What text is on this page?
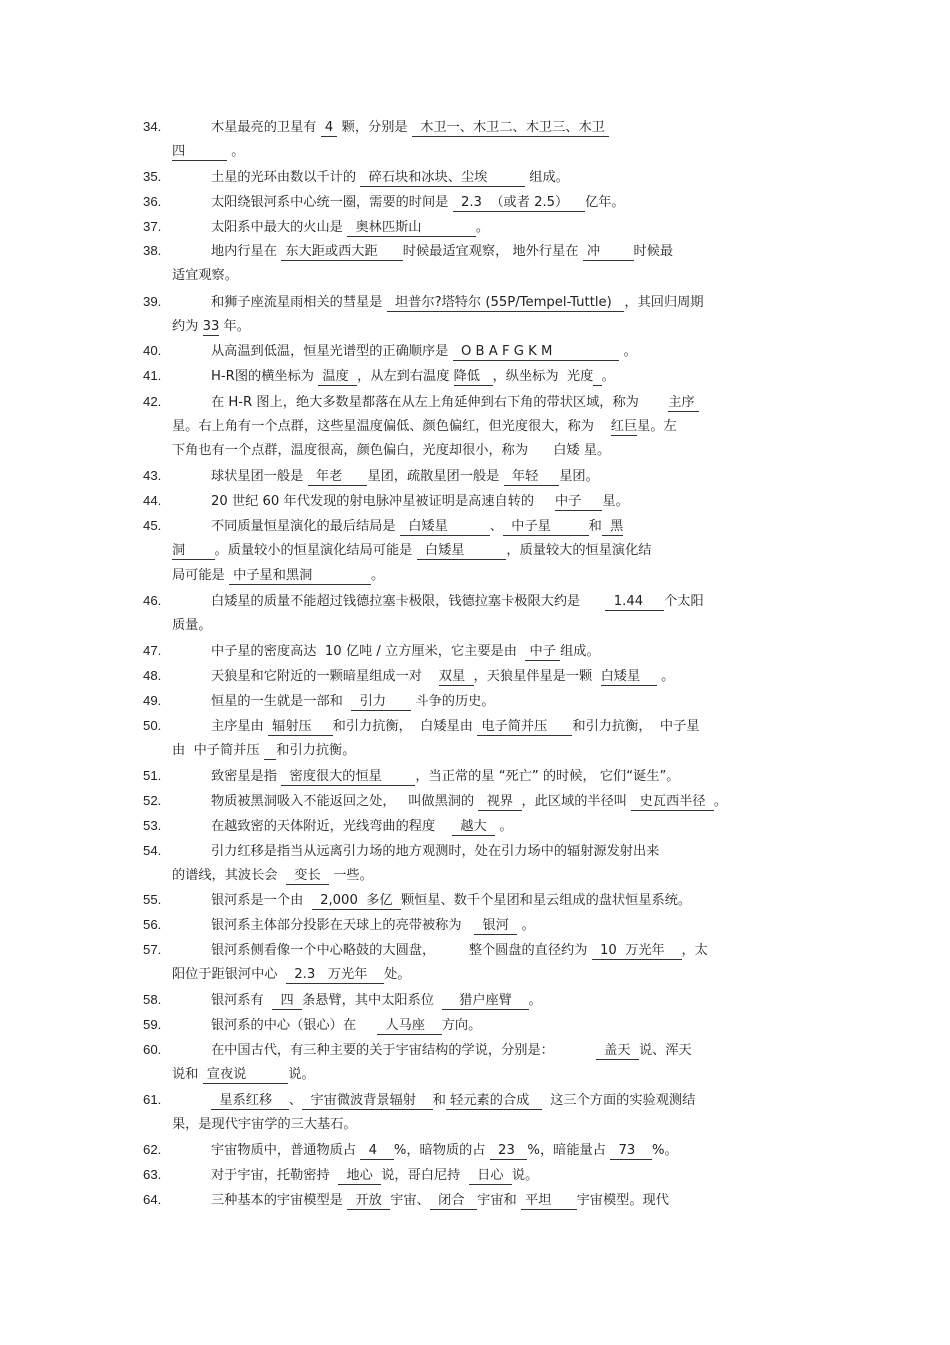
34.	木星最亮的卫星有  4  颗，分别是   木卫一、木卫二、木卫三、木卫
四           。
35.	土星的光环由数以千计的   碎石块和冰块、尘埃          组成。
36.	太阳绕银河系中心统一圈，需要的时间是   2.3  （或者 2.5）    亿年。
37.	太阳系中最大的火山是   奥林匹斯山             。
38.	地内行星在  东大距或西大距      时候最适宜观察， 地外行星在  冲        时候最
适宜观察。
39.	和狮子座流星雨相关的彗星是   坦普尔?塔特尔 (55P/Tempel-Tuttle)   ，其回归周期
约为 33 年。
40.	从高温到低温，恒星光谱型的正确顺序是   O B A F G K M                 。
41.	H-R图的横坐标为  温度  ，从左到右温度 降低   ，纵坐标为  光度 。
42.	在 H-R 图上，绝大多数星都落在从左上角延伸到右下角的带状区域，称为       主序
星。右上角有一个点群，这些星温度偏低、颜色偏红，但光度很大，称为    红巨星。左
下角也有一个点群，温度很高，颜色偏白，光度却很小，称为      白矮 星。
43.	球状星团一般是   年老      星团，疏散星团一般是   年轻     星团。
44.	20 世纪 60 年代发现的射电脉冲星被证明是高速自转的     中子     星。
45.	不同质量恒星演化的最后结局是   白矮星          、  中子星         和  黑
洞       。质量较小的恒星演化结局可能是   白矮星          ，质量较大的恒星演化结
局可能是  中子星和黑洞              。
46.	白矮星的质量不能超过钱德拉塞卡极限，钱德拉塞卡极限大约是        1.44     个太阳
质量。
47.	中子星的密度高达  10 亿吨 / 立方厘米，它主要是由   中子 组成。
48.	天狼星和它附近的一颗暗星组成一对    双星  ，天狼星伴星是一颗  白矮星     。
49.	恒星的一生就是一部和    引力       斗争的历史。
50.	主序星由  辐射压     和引力抗衡，  白矮星由  电子简并压      和引力抗衡，  中子星
由  中子简并压    和引力抗衡。
51.	致密星是指   密度很大的恒星        ，当正常的星 “死亡” 的时候， 它们“诞生”。
52.	物质被黑洞吸入不能返回之处，   叫做黑洞的   视界  ，此区域的半径叫   史瓦西半径  。
53.	在越致密的天体附近，光线弯曲的程度      越大   。
54.	引力红移是指当从远离引力场的地方观测时，处在引力场中的辐射源发射出来
的谱线，其波长会    变长   一些。
55.	银河系是一个由    2,000  多亿  颗恒星、数千个星团和星云组成的盘状恒星系统。
56.	银河系主体部分投影在天球上的亮带被称为     银河   。
57.	银河系侧看像一个中心略鼓的大圆盘，        整个圆盘的直径约为   10  万光年    ，太
阳位于距银河中心    2.3   万光年    处。
58.	银河系有    四  条悬臂，其中太阳系位      猎户座臂    。
59.	银河系的中心（银心）在       人马座    方向。
60.	在中国古代，有三种主要的关于宇宙结构的学说，分别是：            盖天  说、浑天
说和  宣夜说          说。
61.	星系红移    、  宇宙微波背景辐射    和 轻元素的合成     这三个方面的实验观测结
果，是现代宇宙学的三大基石。
62.	宇宙物质中，普通物质占   4    %，暗物质的占   23   %，暗能量占   73    %。
63.	对于宇宙，托勒密持    地心  说，哥白尼持    日心  说。
64.	三种基本的宇宙模型是   开放  宇宙、  闭合   宇宙和  平坦      宇宙模型。现代
